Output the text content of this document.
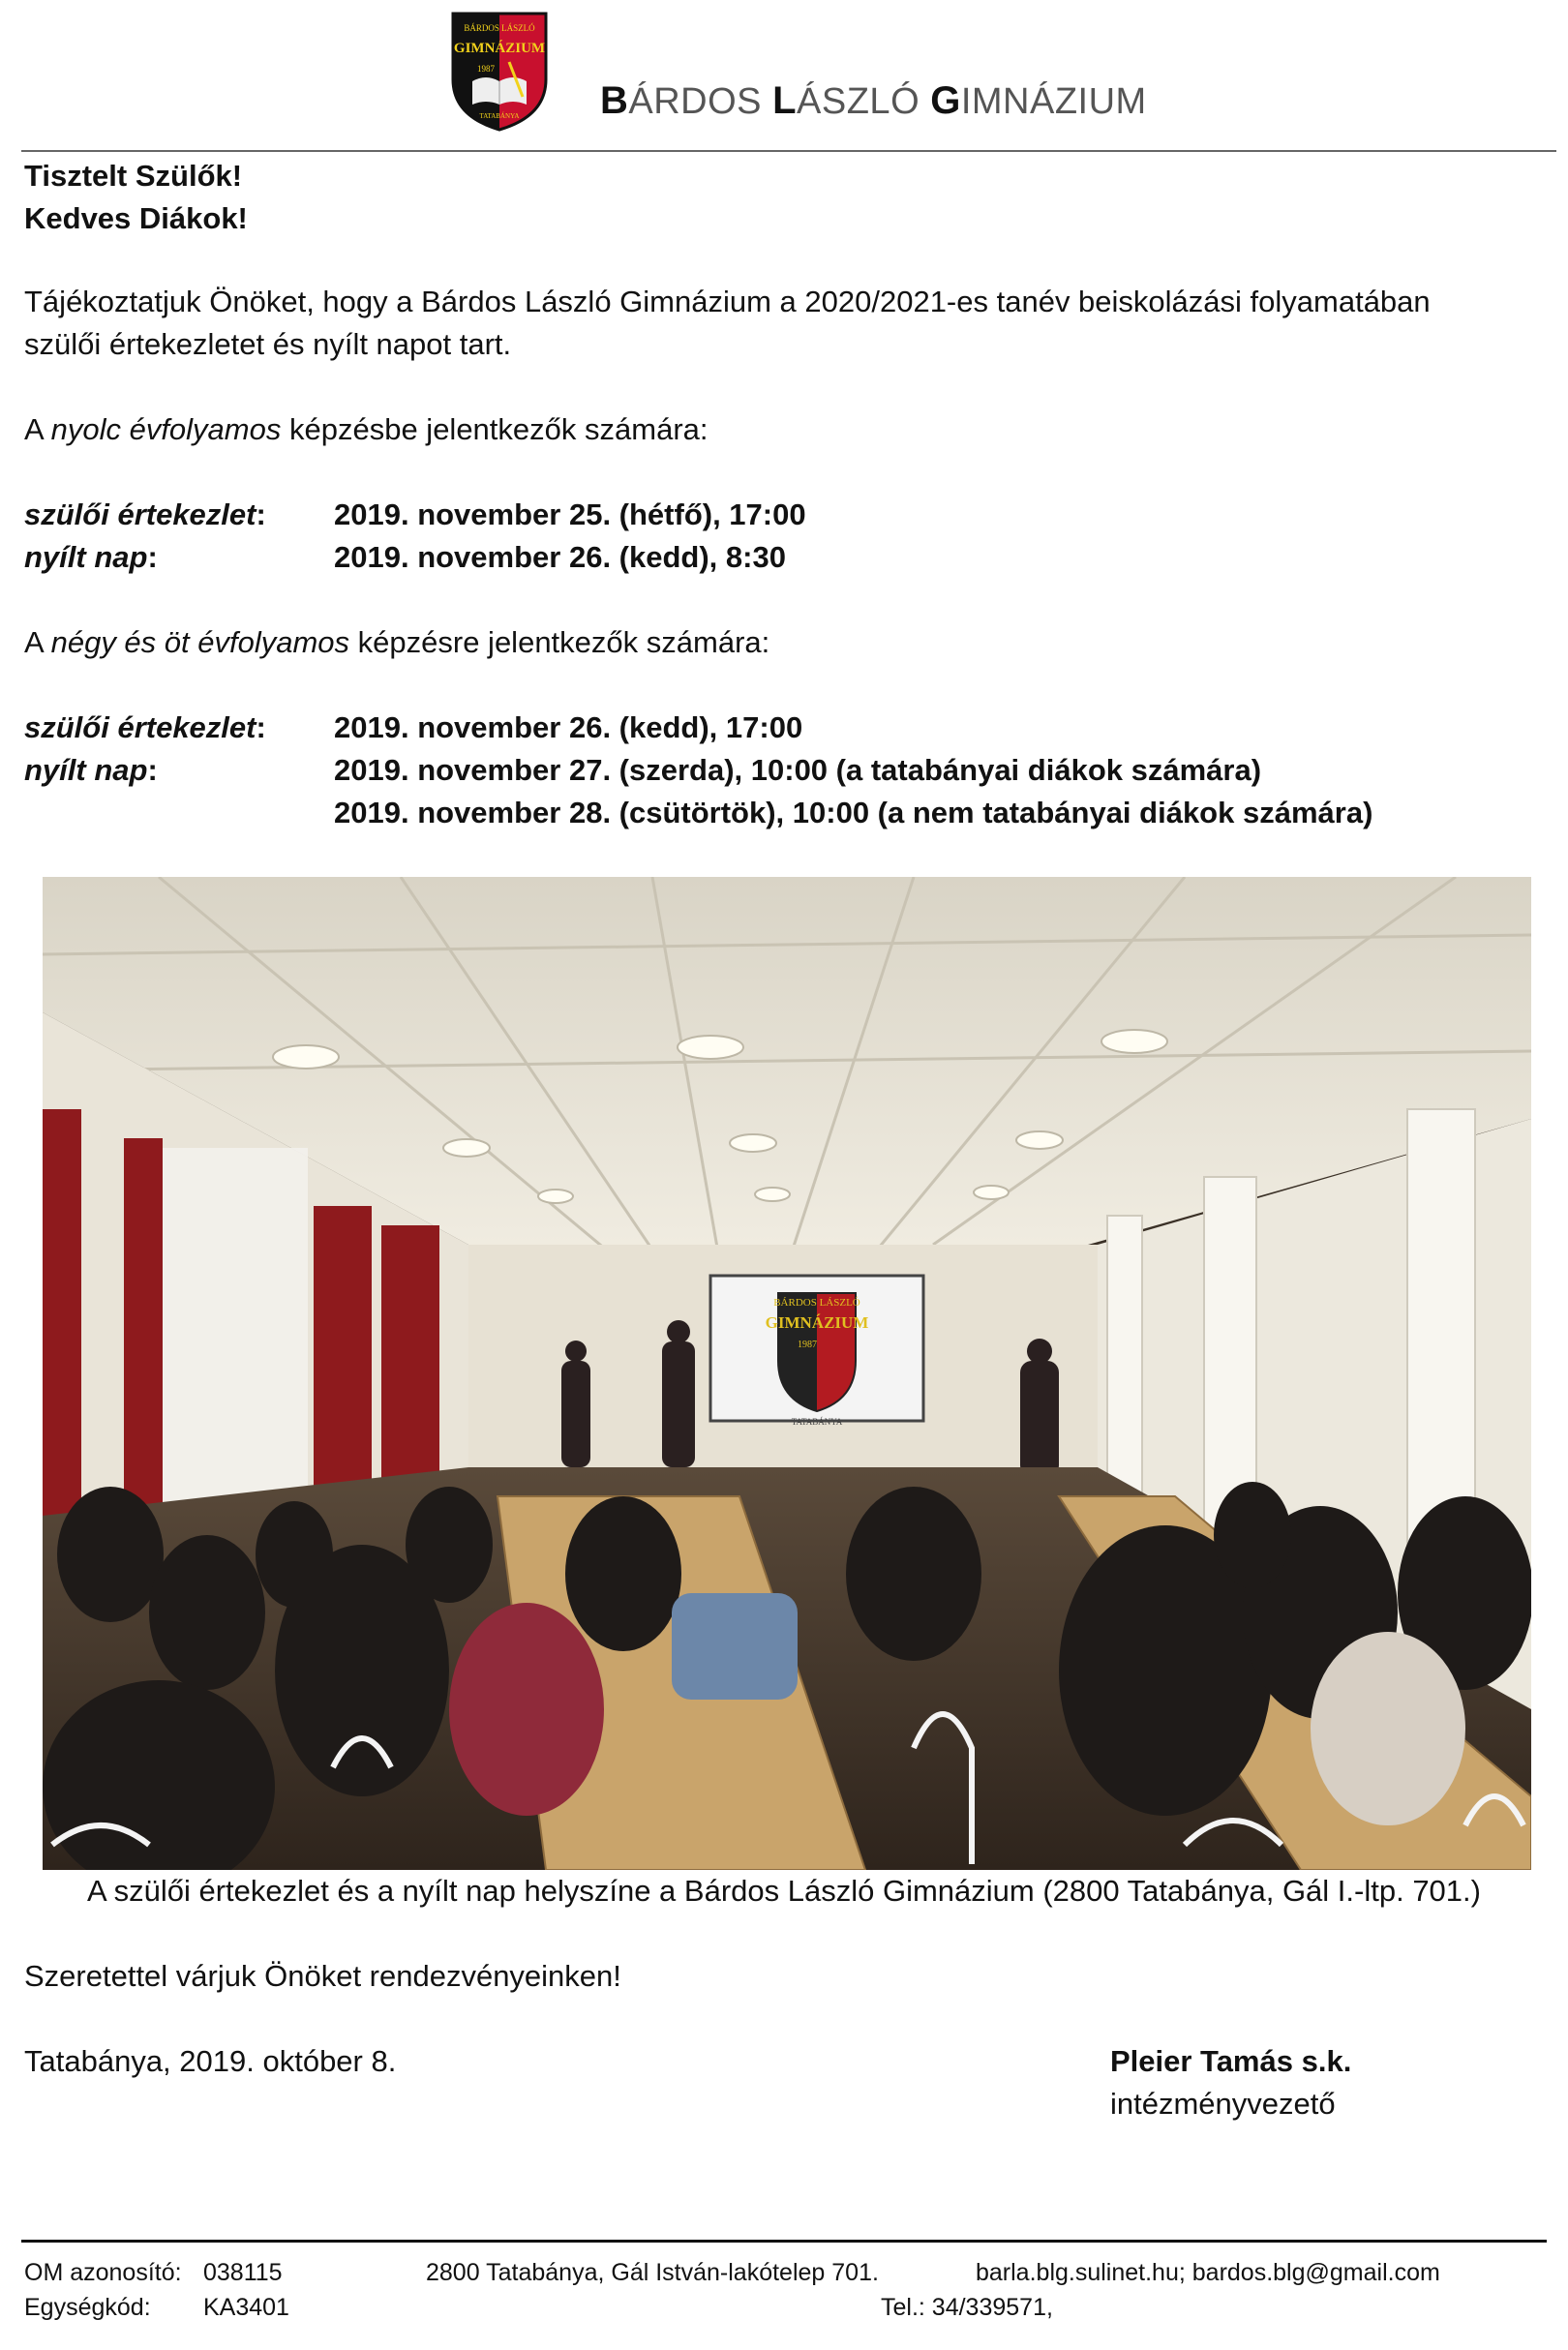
BÁRDOS LÁSZLÓ
GIMNÁZIUM
1987
TATABÁNYA BÁRDOS LÁSZLÓ GIMNÁZIUM
Tisztelt Szülők!
Kedves Diákok!
Tájékoztatjuk Önöket, hogy a Bárdos László Gimnázium a 2020/2021-es tanév beiskolázási folyamatában
szülői értekezletet és nyílt napot tart.
A nyolc évfolyamos képzésbe jelentkezők számára:
szülői értekezlet: 2019. november 25. (hétfő), 17:00
nyílt nap:	2019. november 26. (kedd), 8:30
A négy és öt évfolyamos képzésre jelentkezők számára:
szülői értekezlet: 2019. november 26. (kedd), 17:00
nyílt nap:	2019. november 27. (szerda), 10:00 (a tatabányai diákok számára)
2019. november 28. (csütörtök), 10:00 (a nem tatabányai diákok számára)
BÁRDOS LÁSZLÓ
GIMNÁZIUM
1987
TATABÁNYA
A szülői értekezlet és a nyílt nap helyszíne a Bárdos László Gimnázium (2800 Tatabánya, Gál I.-ltp. 701.)
Szeretettel várjuk Önöket rendezvényeinken!
Tatabánya, 2019. október 8.	Pleier Tamás s.k.
intézményvezető
OM azonosító: 038115	2800 Tatabánya, Gál István-lakótelep 701.	barla.blg.sulinet.hu; bardos.blg@gmail.com
Egységkód: KA3401	Tel.: 34/339571,
